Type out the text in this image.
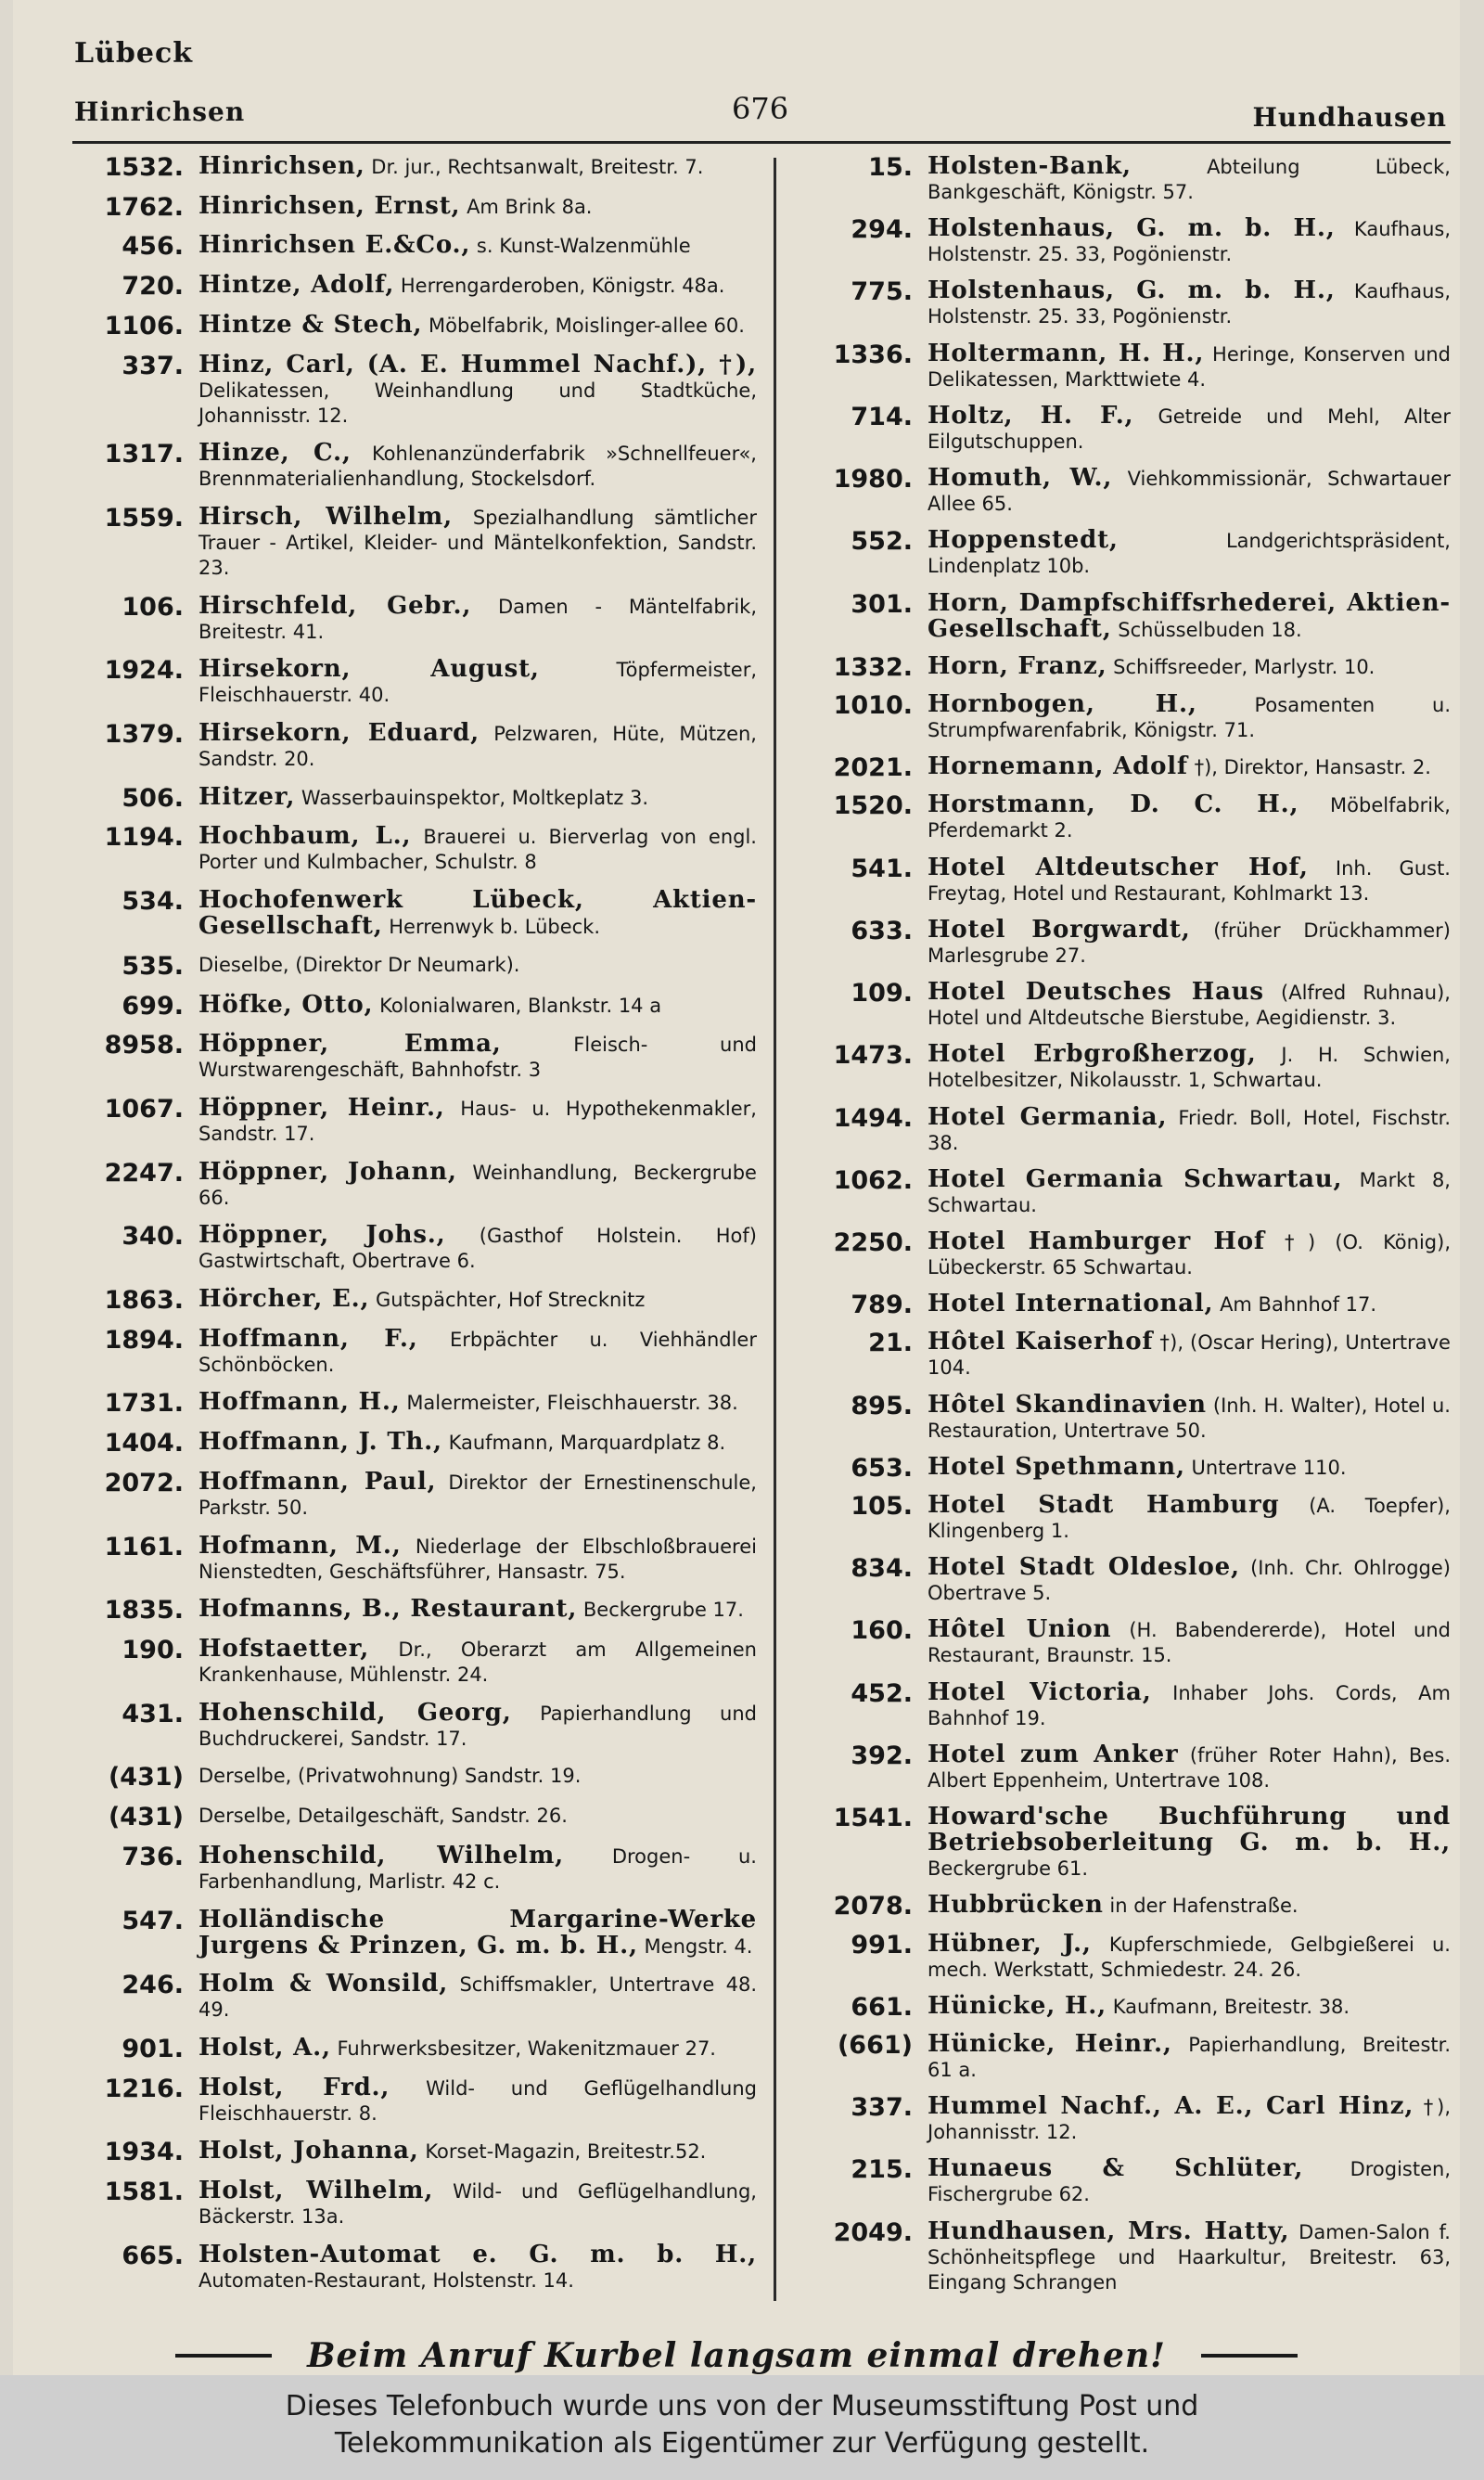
Lübeck
Hinrichsen	676	Hundhausen
1532. Hinrichsen, Dr. jur., Rechtsanwalt, Breitestr. 7.
1762. Hinrichsen, Ernst, Am Brink 8a.
456. Hinrichsen E.&Co., s. Kunst-Walzenmühle
720. Hintze, Adolf, Herrengarderoben, Königstr. 48a.
1106. Hintze & Stech, Möbelfabrik, Moislinger-allee 60.
337. Hinz, Carl, (A. E. Hummel Nachf.), †), Delikatessen, Weinhandlung und Stadtküche, Johannisstr. 12.
1317. Hinze, C., Kohlenanzünderfabrik »Schnellfeuer«, Brennmaterialienhandlung, Stockelsdorf.
1559. Hirsch, Wilhelm, Spezialhandlung sämtlicher Trauer - Artikel, Kleider- und Mäntelkonfektion, Sandstr. 23.
106. Hirschfeld, Gebr., Damen - Mäntelfabrik, Breitestr. 41.
1924. Hirsekorn, August,	Töpfermeister, Fleischhauerstr. 40.
1379. Hirsekorn, Eduard, Pelzwaren, Hüte, Mützen, Sandstr. 20.
506. Hitzer, Wasserbauinspektor, Moltkeplatz 3.
1194. Hochbaum, L., Brauerei u. Bierverlag von engl. Porter und Kulmbacher, Schulstr. 8
534. Hochofenwerk Lübeck, Aktien-Gesellschaft, Herrenwyk b. Lübeck.
535. Dieselbe, (Direktor Dr Neumark).
699. Höfke, Otto, Kolonialwaren, Blankstr. 14 a
8958. Höppner, Emma,	Fleisch- und Wurstwarengeschäft, Bahnhofstr. 3
1067. Höppner, Heinr., Haus- u. Hypothekenmakler, Sandstr. 17.
2247. Höppner, Johann, Weinhandlung, Beckergrube 66.
340. Höppner, Johs., (Gasthof Holstein. Hof) Gastwirtschaft, Obertrave 6.
1863. Hörcher, E., Gutspächter, Hof Strecknitz
1894. Hoffmann, F., Erbpächter u. Viehhändler Schönböcken.
1731. Hoffmann, H., Malermeister, Fleischhauerstr. 38.
1404. Hoffmann, J. Th., Kaufmann, Marquardplatz 8.
2072. Hoffmann, Paul, Direktor der Ernestinenschule, Parkstr. 50.
1161. Hofmann, M., Niederlage der Elbschloßbrauerei Nienstedten, Geschäftsführer, Hansastr. 75.
1835. Hofmanns, B., Restaurant, Beckergrube 17.
190. Hofstaetter, Dr., Oberarzt am Allgemeinen Krankenhause, Mühlenstr. 24.
431. Hohenschild, Georg, Papierhandlung und Buchdruckerei, Sandstr. 17.
(431) Derselbe, (Privatwohnung) Sandstr. 19.
(431) Derselbe, Detailgeschäft, Sandstr. 26.
736. Hohenschild, Wilhelm, Drogen- u. Farbenhandlung, Marlistr. 42 c.
547. Holländische Margarine-Werke Jurgens & Prinzen, G. m. b. H., Mengstr. 4.
246. Holm & Wonsild, Schiffsmakler, Untertrave 48. 49.
901. Holst, A., Fuhrwerksbesitzer, Wakenitzmauer 27.
1216. Holst, Frd., Wild- und Geflügelhandlung Fleischhauerstr. 8.
1934. Holst, Johanna, Korset-Magazin, Breitestr.52.
1581. Holst, Wilhelm, Wild- und Geflügelhandlung, Bäckerstr. 13a.
665. Holsten-Automat e. G. m. b. H., Automaten-Restaurant, Holstenstr. 14.
15. Holsten-Bank,	Abteilung Lübeck, Bankgeschäft, Königstr. 57.
294. Holstenhaus, G. m. b. H., Kaufhaus, Holstenstr. 25. 33, Pogönienstr.
775. Holstenhaus, G. m. b. H., Kaufhaus, Holstenstr. 25. 33, Pogönienstr.
1336. Holtermann, H. H., Heringe, Konserven und Delikatessen, Markttwiete 4.
714. Holtz, H. F., Getreide und Mehl, Alter Eilgutschuppen.
1980. Homuth, W., Viehkommissionär, Schwartauer Allee 65.
552. Hoppenstedt,	Landgerichtspräsident, Lindenplatz 10b.
301. Horn, Dampfschiffsrhederei, Aktien-Gesellschaft, Schüsselbuden 18.
1332. Horn, Franz, Schiffsreeder, Marlystr. 10.
1010. Hornbogen, H.,	Posamenten u. Strumpfwarenfabrik, Königstr. 71.
2021. Hornemann, Adolf †), Direktor, Hansastr. 2.
1520. Horstmann, D. C. H., Möbelfabrik, Pferdemarkt 2.
541. Hotel Altdeutscher Hof, Inh. Gust. Freytag, Hotel und Restaurant, Kohlmarkt 13.
633. Hotel Borgwardt, (früher Drückhammer) Marlesgrube 27.
109. Hotel Deutsches Haus (Alfred Ruhnau), Hotel und Altdeutsche Bierstube, Aegidienstr. 3.
1473. Hotel Erbgroßherzog, J. H. Schwien, Hotelbesitzer, Nikolausstr. 1, Schwartau.
1494. Hotel Germania, Friedr. Boll, Hotel, Fischstr. 38.
1062. Hotel Germania Schwartau, Markt 8, Schwartau.
2250. Hotel Hamburger Hof †) (O. König), Lübeckerstr. 65 Schwartau.
789. Hotel International, Am Bahnhof 17.
21. Hôtel Kaiserhof †), (Oscar Hering), Untertrave 104.
895. Hôtel Skandinavien (Inh. H. Walter), Hotel u. Restauration, Untertrave 50.
653. Hotel Spethmann, Untertrave 110.
105. Hotel Stadt Hamburg (A. Toepfer), Klingenberg 1.
834. Hotel Stadt Oldesloe, (Inh. Chr. Ohlrogge) Obertrave 5.
160. Hôtel Union (H. Babendererde), Hotel und Restaurant, Braunstr. 15.
452. Hotel Victoria, Inhaber Johs. Cords, Am Bahnhof 19.
392. Hotel zum Anker (früher Roter Hahn), Bes. Albert Eppenheim, Untertrave 108.
1541. Howard'sche Buchführung und Betriebsoberleitung G. m. b. H., Beckergrube 61.
2078. Hubbrücken in der Hafenstraße.
991. Hübner, J., Kupferschmiede, Gelbgießerei u. mech. Werkstatt, Schmiedestr. 24. 26.
661. Hünicke, H., Kaufmann, Breitestr. 38.
(661) Hünicke, Heinr., Papierhandlung, Breitestr. 61 a.
337. Hummel Nachf., A. E., Carl Hinz, †), Johannisstr. 12.
215. Hunaeus & Schlüter, Drogisten, Fischergrube 62.
2049. Hundhausen, Mrs. Hatty, Damen-Salon f. Schönheitspflege und Haarkultur, Breitestr. 63, Eingang Schrangen
Beim Anruf Kurbel langsam einmal drehen!
Dieses Telefonbuch wurde uns von der Museumsstiftung Post und
Telekommunikation als Eigentümer zur Verfügung gestellt.
